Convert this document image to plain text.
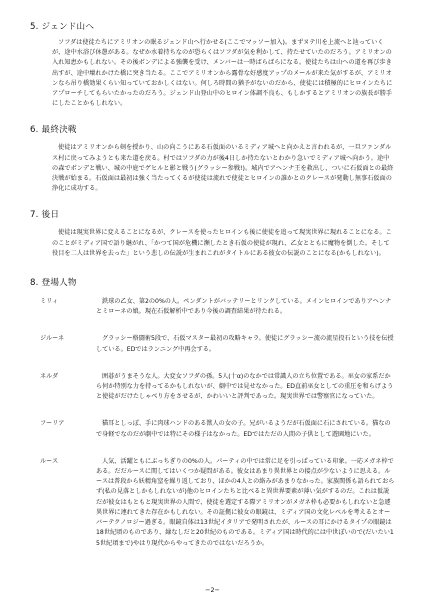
5. ジェンド山へ

ソフダは使徒たちにアミリオンの眠るジェンド山へ行かせる(ここでマッソー加入)。まずヌテ川を上流へと辿っていくが、途中水浴び休憩がある。なぜか水着持ちなのが恐らくはソフダが気を利かして、持たせていたのだろう。アミリオンの入れ知恵かもしれない。その後ボンデによる強襲を受け、メンバーは一時ばらばらになる。使徒たちは山への道を再び歩き出すが、途中壊れかけた橋に突き当たる。ここでアミリオンから露骨な好感度アップのメールが来た気がするが、アミリオンなら吊り橋効果くらい知っていておかしくはない。何しろ時間の猶予がないのだから、使徒には積極的にヒロインたちにアプローチしてもらいたかったのだろう。ジェンド山登山中のヒロイン体調不良も、もしかするとアミリオンの族長が勝手にしたことかもしれない。

6. 最終決戦

使徒はアミリオンから剣を授かり、山の向こうにある石仮面のいるミディア城へと向かえと言われるが、一旦ファンダルス村に戻ってみようとも来た道を戻る。村ではソフダの力が後4日しか持たないとわかり急いでミディア城へ向かう。途中の森でボンデと戦い、城の中庭でゲヒルと影と戦う(グラッシー参戦!)。城内でアヘンナ王を救出し、ついに石仮面との最終決戦が始まる。石仮面は最初は強く当たってくるが使徒は流れで使徒とヒロインの誰かとのクレースが発動し無事石仮面の浄化に成功する。

7. 後日

使徒は現実世界に変えることになるが、クレースを使ったヒロインも後に使徒を追って現実世界に現れることになる。このことがミディア国で語り継がれ、「かつて国が危機に瀕したとき石仮の使徒が現れ、乙女とともに魔物を倒した。そして役目を二人は世界を去った」という悲しの伝説が生まれこれがタイトルにある彼女の伝説のことになる(かもしれない)。

8. 登場人物
ミリィ	鉄球の乙女、第2の0%の人。ペンダントがバッテリーとリンクしている。メインヒロインでありアヘンナとミローネの娘。現在石仮解析中であり今後の調査結果が待たれる。

ジルーネ	グラッシー格闘術5段で、石仮マスター最初の攻略キャラ。使徒にグラッシー流の流星投石という技を伝授している。EDではランニング中再会する。

ネルダ	囲碁がうまそうな人。大変女ソフダの孫。5人(十α)のなかでは常識人の立ち位置である。巫女の家系だから何か特別な力を持ってるかもしれないが、劇中では見せなかった。ED直前巫女としての重圧を和らげようと使徒がだけたしゃべり方をさせるが、かわいいと評判であった。現実世界では警察官になっていた。

フーリア	猫耳としっぽ、手に肉球ハンドのある獣人の女の子。兄がいるようだが石仮面に石にされている。猫なので身軽でなのだが劇中では特にその様子はなかった。EDではただの人間の子供として遊園地にいた。

ルース	人気、活躍ともにぶっちぎりの0%の人。パーティの中では常に足を引っぱっている印象。一応メガネ枠である。だだルースに関してはいくつか疑問がある。彼女はあまり異世界との接点が少ないように思える。ルースは普段から妖精角窒を繰り返しており、ほかの4人との絡みがあまりなかった。家族関係も語られておらず(私の見落としかもしれないが)他のヒロインたちと比べると異世界要素が薄い気がするのだ。これは仮説だが彼女はもともと現実世界の人間で、使徒を選定する際アミリオンがメガネ枠も必要かもしれないと急遽異世界に連れてきた存在かもしれない。その証拠に彼女の眼鏡は、ミディア国の文化レベルを考えるとオーバーテクノロジー過ぎる。眼鏡自体は13世紀イタリアで発明されたが、ルースの耳にかけるタイプの眼鏡は18世紀頃のものであり、縁なしだと20世紀のものである。ミディア国は時代的には中世ぽいので(だいたい15世紀頃まで)やはり現代からやってきたのではないだろうか。

−2−
